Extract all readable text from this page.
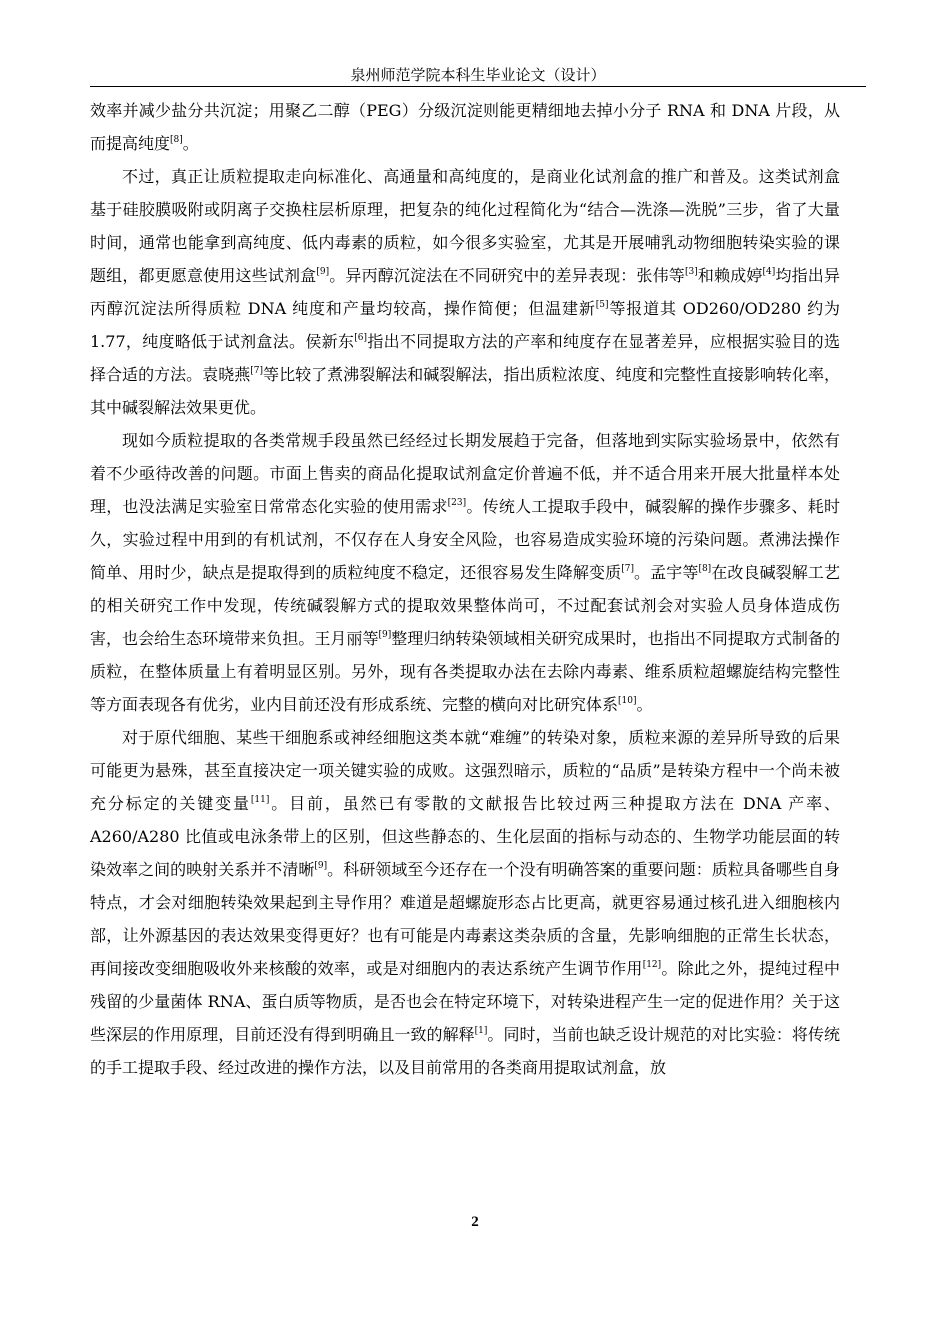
泉州师范学院本科生毕业论文（设计）

效率并减少盐分共沉淀；用聚乙二醇（PEG）分级沉淀则能更精细地去掉小分子 RNA 和 DNA 片段，从而提高纯度[8]。

不过，真正让质粒提取走向标准化、高通量和高纯度的，是商业化试剂盒的推广和普及。这类试剂盒基于硅胶膜吸附或阴离子交换柱层析原理，把复杂的纯化过程简化为“结合—洗涤—洗脱”三步，省了大量时间，通常也能拿到高纯度、低内毒素的质粒，如今很多实验室，尤其是开展哺乳动物细胞转染实验的课题组，都更愿意使用这些试剂盒[9]。异丙醇沉淀法在不同研究中的差异表现：张伟等[3]和赖成婷[4]均指出异丙醇沉淀法所得质粒 DNA 纯度和产量均较高，操作简便；但温建新[5]等报道其 OD260/OD280 约为 1.77，纯度略低于试剂盒法。侯新东[6]指出不同提取方法的产率和纯度存在显著差异，应根据实验目的选择合适的方法。袁晓燕[7]等比较了煮沸裂解法和碱裂解法，指出质粒浓度、纯度和完整性直接影响转化率，其中碱裂解法效果更优。

现如今质粒提取的各类常规手段虽然已经经过长期发展趋于完备，但落地到实际实验场景中，依然有着不少亟待改善的问题。市面上售卖的商品化提取试剂盒定价普遍不低，并不适合用来开展大批量样本处理，也没法满足实验室日常常态化实验的使用需求[23]。传统人工提取手段中，碱裂解的操作步骤多、耗时久，实验过程中用到的有机试剂，不仅存在人身安全风险，也容易造成实验环境的污染问题。煮沸法操作简单、用时少，缺点是提取得到的质粒纯度不稳定，还很容易发生降解变质[7]。孟宇等[8]在改良碱裂解工艺的相关研究工作中发现，传统碱裂解方式的提取效果整体尚可，不过配套试剂会对实验人员身体造成伤害，也会给生态环境带来负担。王月丽等[9]整理归纳转染领域相关研究成果时，也指出不同提取方式制备的质粒，在整体质量上有着明显区别。另外，现有各类提取办法在去除内毒素、维系质粒超螺旋结构完整性等方面表现各有优劣，业内目前还没有形成系统、完整的横向对比研究体系[10]。

对于原代细胞、某些干细胞系或神经细胞这类本就“难缠”的转染对象，质粒来源的差异所导致的后果可能更为悬殊，甚至直接决定一项关键实验的成败。这强烈暗示，质粒的“品质”是转染方程中一个尚未被充分标定的关键变量[11]。目前，虽然已有零散的文献报告比较过两三种提取方法在 DNA 产率、A260/A280 比值或电泳条带上的区别，但这些静态的、生化层面的指标与动态的、生物学功能层面的转染效率之间的映射关系并不清晰[9]。科研领域至今还存在一个没有明确答案的重要问题：质粒具备哪些自身特点，才会对细胞转染效果起到主导作用？难道是超螺旋形态占比更高，就更容易通过核孔进入细胞核内部，让外源基因的表达效果变得更好？也有可能是内毒素这类杂质的含量，先影响细胞的正常生长状态，再间接改变细胞吸收外来核酸的效率，或是对细胞内的表达系统产生调节作用[12]。除此之外，提纯过程中残留的少量菌体 RNA、蛋白质等物质，是否也会在特定环境下，对转染进程产生一定的促进作用？关于这些深层的作用原理，目前还没有得到明确且一致的解释[1]。同时，当前也缺乏设计规范的对比实验：将传统的手工提取手段、经过改进的操作方法，以及目前常用的各类商用提取试剂盒，放

2
